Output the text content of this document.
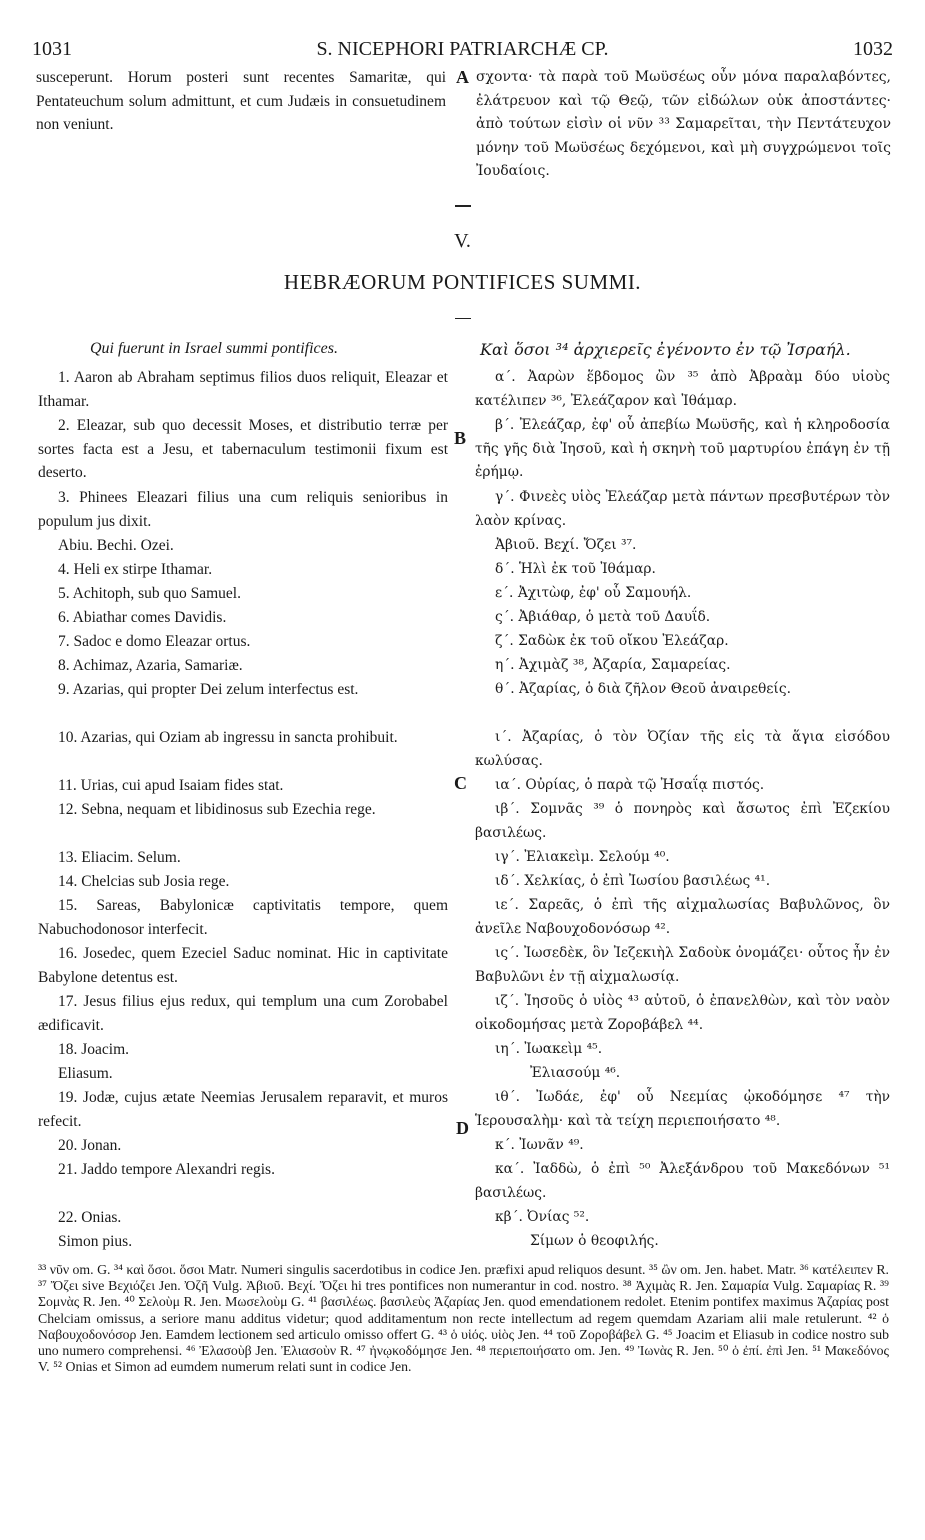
1031	S. NICEPHORI PATRIARCHÆ CP.	1032

susceperunt. Horum posteri sunt recentes Samaritæ, qui Pentateuchum solum admittunt, et cum Judæis in consuetudinem non veniunt.

A σχοντα· τὰ παρὰ τοῦ Μωϋσέως οὖν μόνα παραλαβόντες, ἐλάτρευον καὶ τῷ Θεῷ, τῶν εἰδώλων οὐκ ἀποστάντες· ἀπὸ τούτων εἰσὶν οἱ νῦν ³³ Σαμαρεῖται, τὴν Πεντάτευχον μόνην τοῦ Μωϋσέως δεχόμενοι, καὶ μὴ συγχρώμενοι τοῖς Ἰουδαίοις.

V.
HEBRÆORUM PONTIFICES SUMMI.
Qui fuerunt in Israel summi pontifices.	Καὶ ὅσοι ³⁴ ἀρχιερεῖς ἐγένοντο ἐν τῷ Ἰσραήλ.
1. Aaron ab Abraham septimus filios duos reliquit, Eleazar et Ithamar.
2. Eleazar, sub quo decessit Moses, et distributio terræ per sortes facta est a Jesu, et tabernaculum testimonii fixum est deserto.
3. Phinees Eleazari filius una cum reliquis senioribus in populum jus dixit.
Abiu. Bechi. Ozei.
4. Heli ex stirpe Ithamar.
5. Achitoph, sub quo Samuel.
6. Abiathar comes Davidis.
7. Sadoc e domo Eleazar ortus.
8. Achimaz, Azaria, Samariæ.
9. Azarias, qui propter Dei zelum interfectus est.
10. Azarias, qui Oziam ab ingressu in sancta prohibuit.
11. Urias, cui apud Isaiam fides stat.
12. Sebna, nequam et libidinosus sub Ezechia rege.
13. Eliacim. Selum.
14. Chelcias sub Josia rege.
15. Sareas, Babylonicæ captivitatis tempore, quem Nabuchodonosor interfecit.
16. Josedec, quem Ezeciel Saduc nominat. Hic in captivitate Babylone detentus est.
17. Jesus filius ejus redux, qui templum una cum Zorobabel ædificavit.
18. Joacim.
Eliasum.
19. Jodæ, cujus ætate Neemias Jerusalem reparavit, et muros refecit.
20. Jonan.
21. Jaddo tempore Alexandri regis.
22. Onias.
Simon pius.
B
C
D
α΄. Ἀαρὼν ἕβδομος ὢν ³⁵ ἀπὸ Ἀβραὰμ δύο υἱοὺς κατέλιπεν ³⁶, Ἐλεάζαρον καὶ Ἰθάμαρ.
β΄. Ἐλεάζαρ, ἐφ' οὗ ἀπεβίω Μωϋσῆς, καὶ ἡ κληροδοσία τῆς γῆς διὰ Ἰησοῦ, καὶ ἡ σκηνὴ τοῦ μαρτυρίου ἐπάγη ἐν τῇ ἐρήμῳ.
γ΄. Φινεὲς υἱὸς Ἐλεάζαρ μετὰ πάντων πρεσβυτέρων τὸν λαὸν κρίνας.
Ἀβιοῦ. Βεχί. Ὄζει ³⁷.
δ΄. Ἡλὶ ἐκ τοῦ Ἰθάμαρ.
ε΄. Ἀχιτὼφ, ἐφ' οὗ Σαμουήλ.
ς΄. Ἀβιάθαρ, ὁ μετὰ τοῦ Δαυΐδ.
ζ΄. Σαδὼκ ἐκ τοῦ οἴκου Ἐλεάζαρ.
η΄. Ἀχιμὰζ ³⁸, Ἀζαρία, Σαμαρείας.
θ΄. Ἀζαρίας, ὁ διὰ ζῆλον Θεοῦ ἀναιρεθείς.
ι΄. Ἀζαρίας, ὁ τὸν Ὀζίαν τῆς εἰς τὰ ἅγια εἰσόδου κωλύσας.
ια΄. Οὐρίας, ὁ παρὰ τῷ Ἠσαΐᾳ πιστός.
ιβ΄. Σομνᾶς ³⁹ ὁ πονηρὸς καὶ ἄσωτος ἐπὶ Ἐζεκίου βασιλέως.
ιγ΄. Ἐλιακεὶμ. Σελούμ ⁴⁰.
ιδ΄. Χελκίας, ὁ ἐπὶ Ἰωσίου βασιλέως ⁴¹.
ιε΄. Σαρεᾶς, ὁ ἐπὶ τῆς αἰχμαλωσίας Βαβυλῶνος, ὃν ἀνεῖλε Ναβουχοδονόσωρ ⁴².
ις΄. Ἰωσεδὲκ, ὃν Ἰεζεκιὴλ Σαδοὺκ ὀνομάζει· οὗτος ἦν ἐν Βαβυλῶνι ἐν τῇ αἰχμαλωσίᾳ.
ιζ΄. Ἰησοῦς ὁ υἱὸς ⁴³ αὐτοῦ, ὁ ἐπανελθὼν, καὶ τὸν ναὸν οἰκοδομήσας μετὰ Ζοροβάβελ ⁴⁴.
ιη΄. Ἰωακεὶμ ⁴⁵.
Ἐλιασούμ ⁴⁶.
ιθ΄. Ἰωδάε, ἐφ' οὗ Νεεμίας ᾠκοδόμησε ⁴⁷ τὴν Ἱερουσαλὴμ· καὶ τὰ τείχη περιεποιήσατο ⁴⁸.
κ΄. Ἰωνᾶν ⁴⁹.
κα΄. Ἰαδδὼ, ὁ ἐπὶ ⁵⁰ Ἀλεξάνδρου τοῦ Μακεδόνων ⁵¹ βασιλέως.
κβ΄. Ὀνίας ⁵².
Σίμων ὁ θεοφιλής.

³³ νῦν om. G. ³⁴ καὶ ὅσοι. ὅσοι Matr. Numeri singulis sacerdotibus in codice Jen. præfixi apud reliquos desunt. ³⁵ ὢν om. Jen. habet. Matr. ³⁶ κατέλειπεν R. ³⁷ Ὄζει sive Βεχιόζει Jen. Ὀζῆ Vulg. Ἀβιοῦ. Βεχί. Ὄζει hi tres pontifices non numerantur in cod. nostro. ³⁸ Ἀχιμὰς R. Jen. Σαμαρία Vulg. Σαμαρίας R. ³⁹ Σομνὰς R. Jen. ⁴⁰ Σελοὺμ R. Jen. Μωσελοὺμ G. ⁴¹ βασιλέως. βασιλεὺς Ἀζαρίας Jen. quod emendationem redolet. Etenim pontifex maximus Ἀζαρίας post Chelciam omissus, a seriore manu additus videtur; quod additamentum non recte intellectum ad regem quemdam Azariam alii male retulerunt. ⁴² ὁ Ναβουχοδονόσορ Jen. Eamdem lectionem sed articulo omisso offert G. ⁴³ ὁ υἱός. υἱὸς Jen. ⁴⁴ τοῦ Ζοροβάβελ G. ⁴⁵ Joacim et Eliasub in codice nostro sub uno numero comprehensi. ⁴⁶ Ἐλασοὺβ Jen. Ἐλιασοὺν R. ⁴⁷ ἠνῳκοδόμησε Jen. ⁴⁸ περιεποιήσατο om. Jen. ⁴⁹ Ἰωνὰς R. Jen. ⁵⁰ ὁ ἐπί. ἐπὶ Jen. ⁵¹ Μακεδόνος V. ⁵² Onias et Simon ad eumdem numerum relati sunt in codice Jen.
